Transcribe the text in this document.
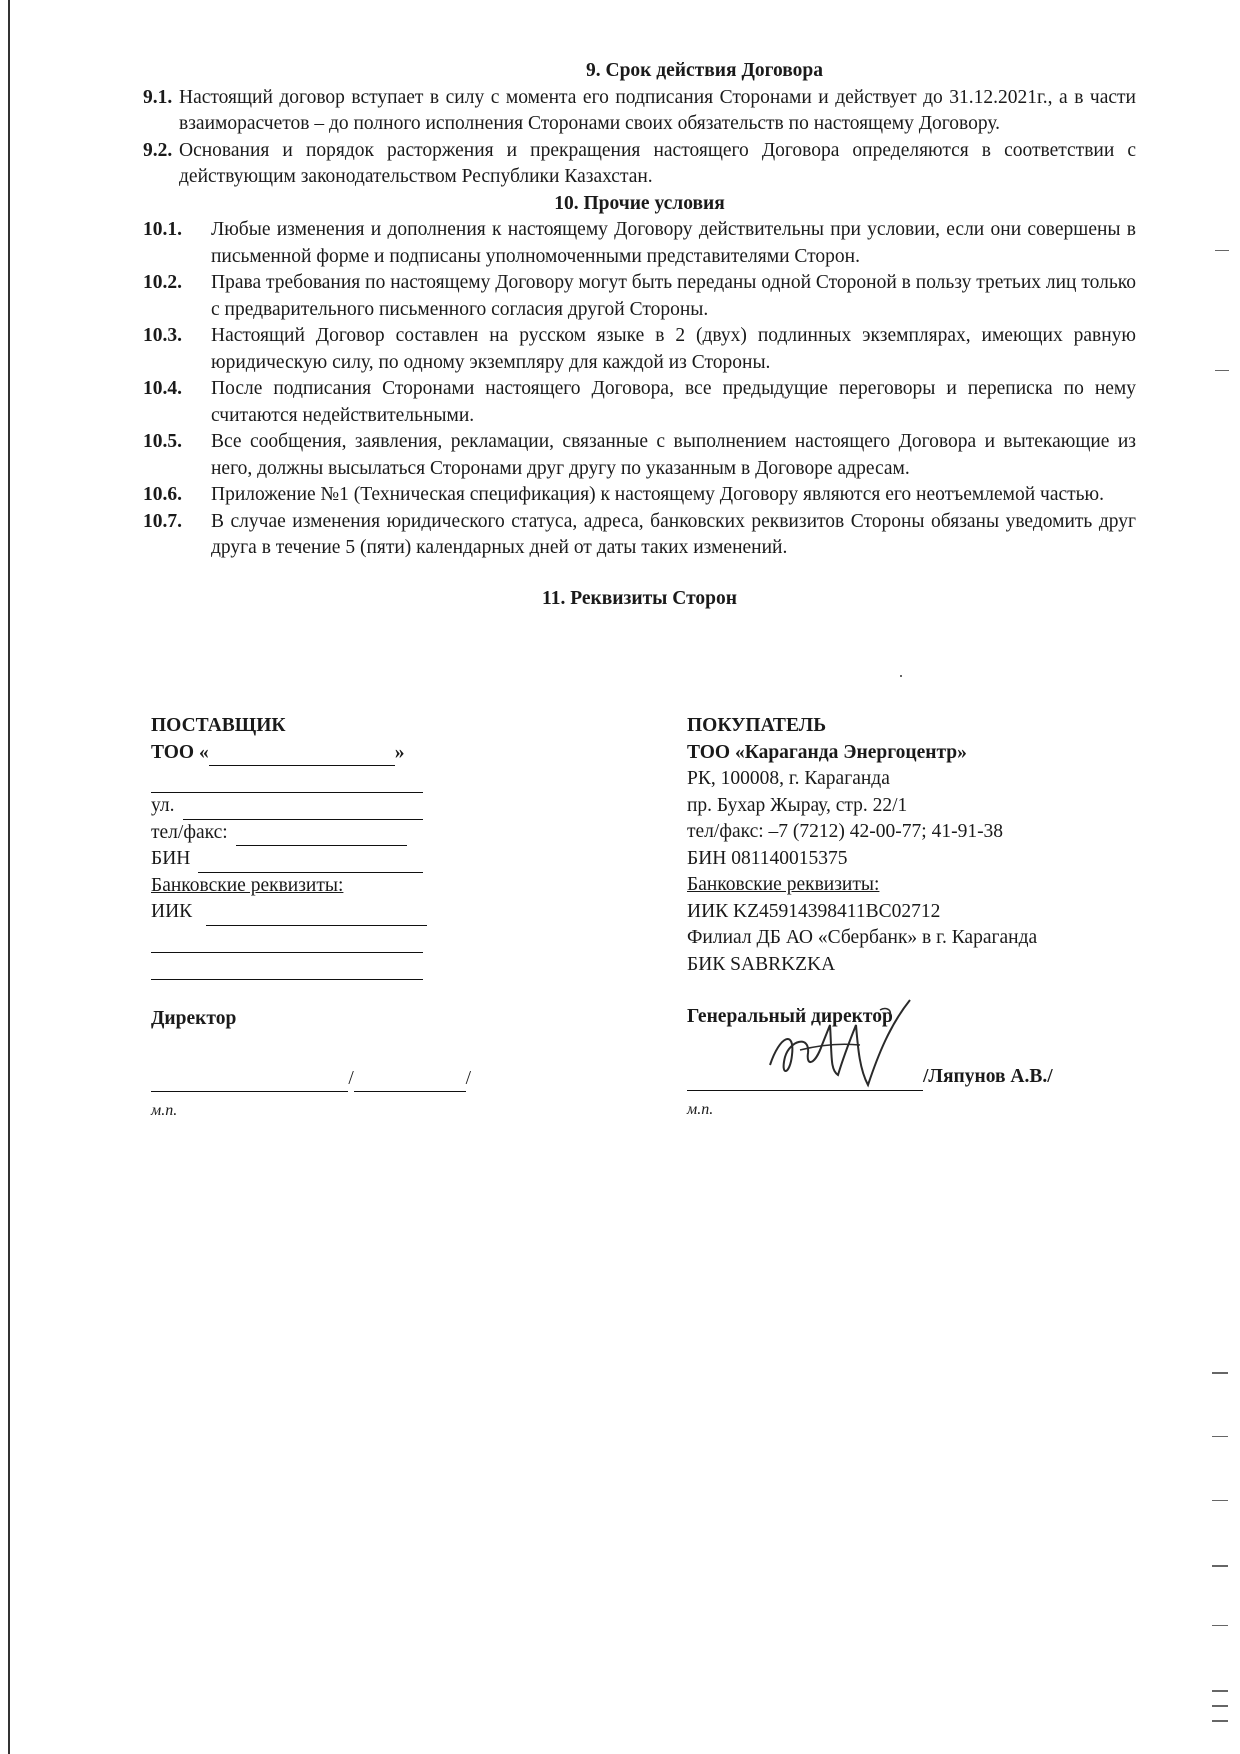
9. Срок действия Договора
9.1. Настоящий договор вступает в силу с момента его подписания Сторонами и действует до 31.12.2021г., а в части взаиморасчетов – до полного исполнения Сторонами своих обязательств по настоящему Договору.
9.2. Основания и порядок расторжения и прекращения настоящего Договора определяются в соответствии с действующим законодательством Республики Казахстан.
10. Прочие условия
10.1.	Любые изменения и дополнения к настоящему Договору действительны при условии, если они совершены в письменной форме и подписаны уполномоченными представителями Сторон.
10.2.	Права требования по настоящему Договору могут быть переданы одной Стороной в пользу третьих лиц только с предварительного письменного согласия другой Стороны.
10.3.	Настоящий Договор составлен на русском языке в 2 (двух) подлинных экземплярах, имеющих равную юридическую силу, по одному экземпляру для каждой из Стороны.
10.4.	После подписания Сторонами настоящего Договора, все предыдущие переговоры и переписка по нему считаются недействительными.
10.5.	Все сообщения, заявления, рекламации, связанные с выполнением настоящего Договора и вытекающие из него, должны высылаться Сторонами друг другу по указанным в Договоре адресам.
10.6.	Приложение №1 (Техническая спецификация) к настоящему Договору являются его неотъемлемой частью.
10.7.	В случае изменения юридического статуса, адреса, банковских реквизитов Стороны обязаны уведомить друг друга в течение 5 (пяти) календарных дней от даты таких изменений.
11. Реквизиты Сторон
ПОСТАВЩИК
ТОО «	»
ул.
тел/факс:
БИН
Банковские реквизиты:
ИИК
Директор
/	/
м.п.
ПОКУПАТЕЛЬ
ТОО «Караганда Энергоцентр»
РК, 100008, г. Караганда
пр. Бухар Жырау, стр. 22/1
тел/факс: –7 (7212) 42-00-77; 41-91-38
БИН 081140015375
Банковские реквизиты:
ИИК KZ45914398411BC02712
Филиал ДБ АО «Сбербанк» в г. Караганда
БИК SABRKZKA
Генеральный директор
/Ляпунов А.В./
м.п.
